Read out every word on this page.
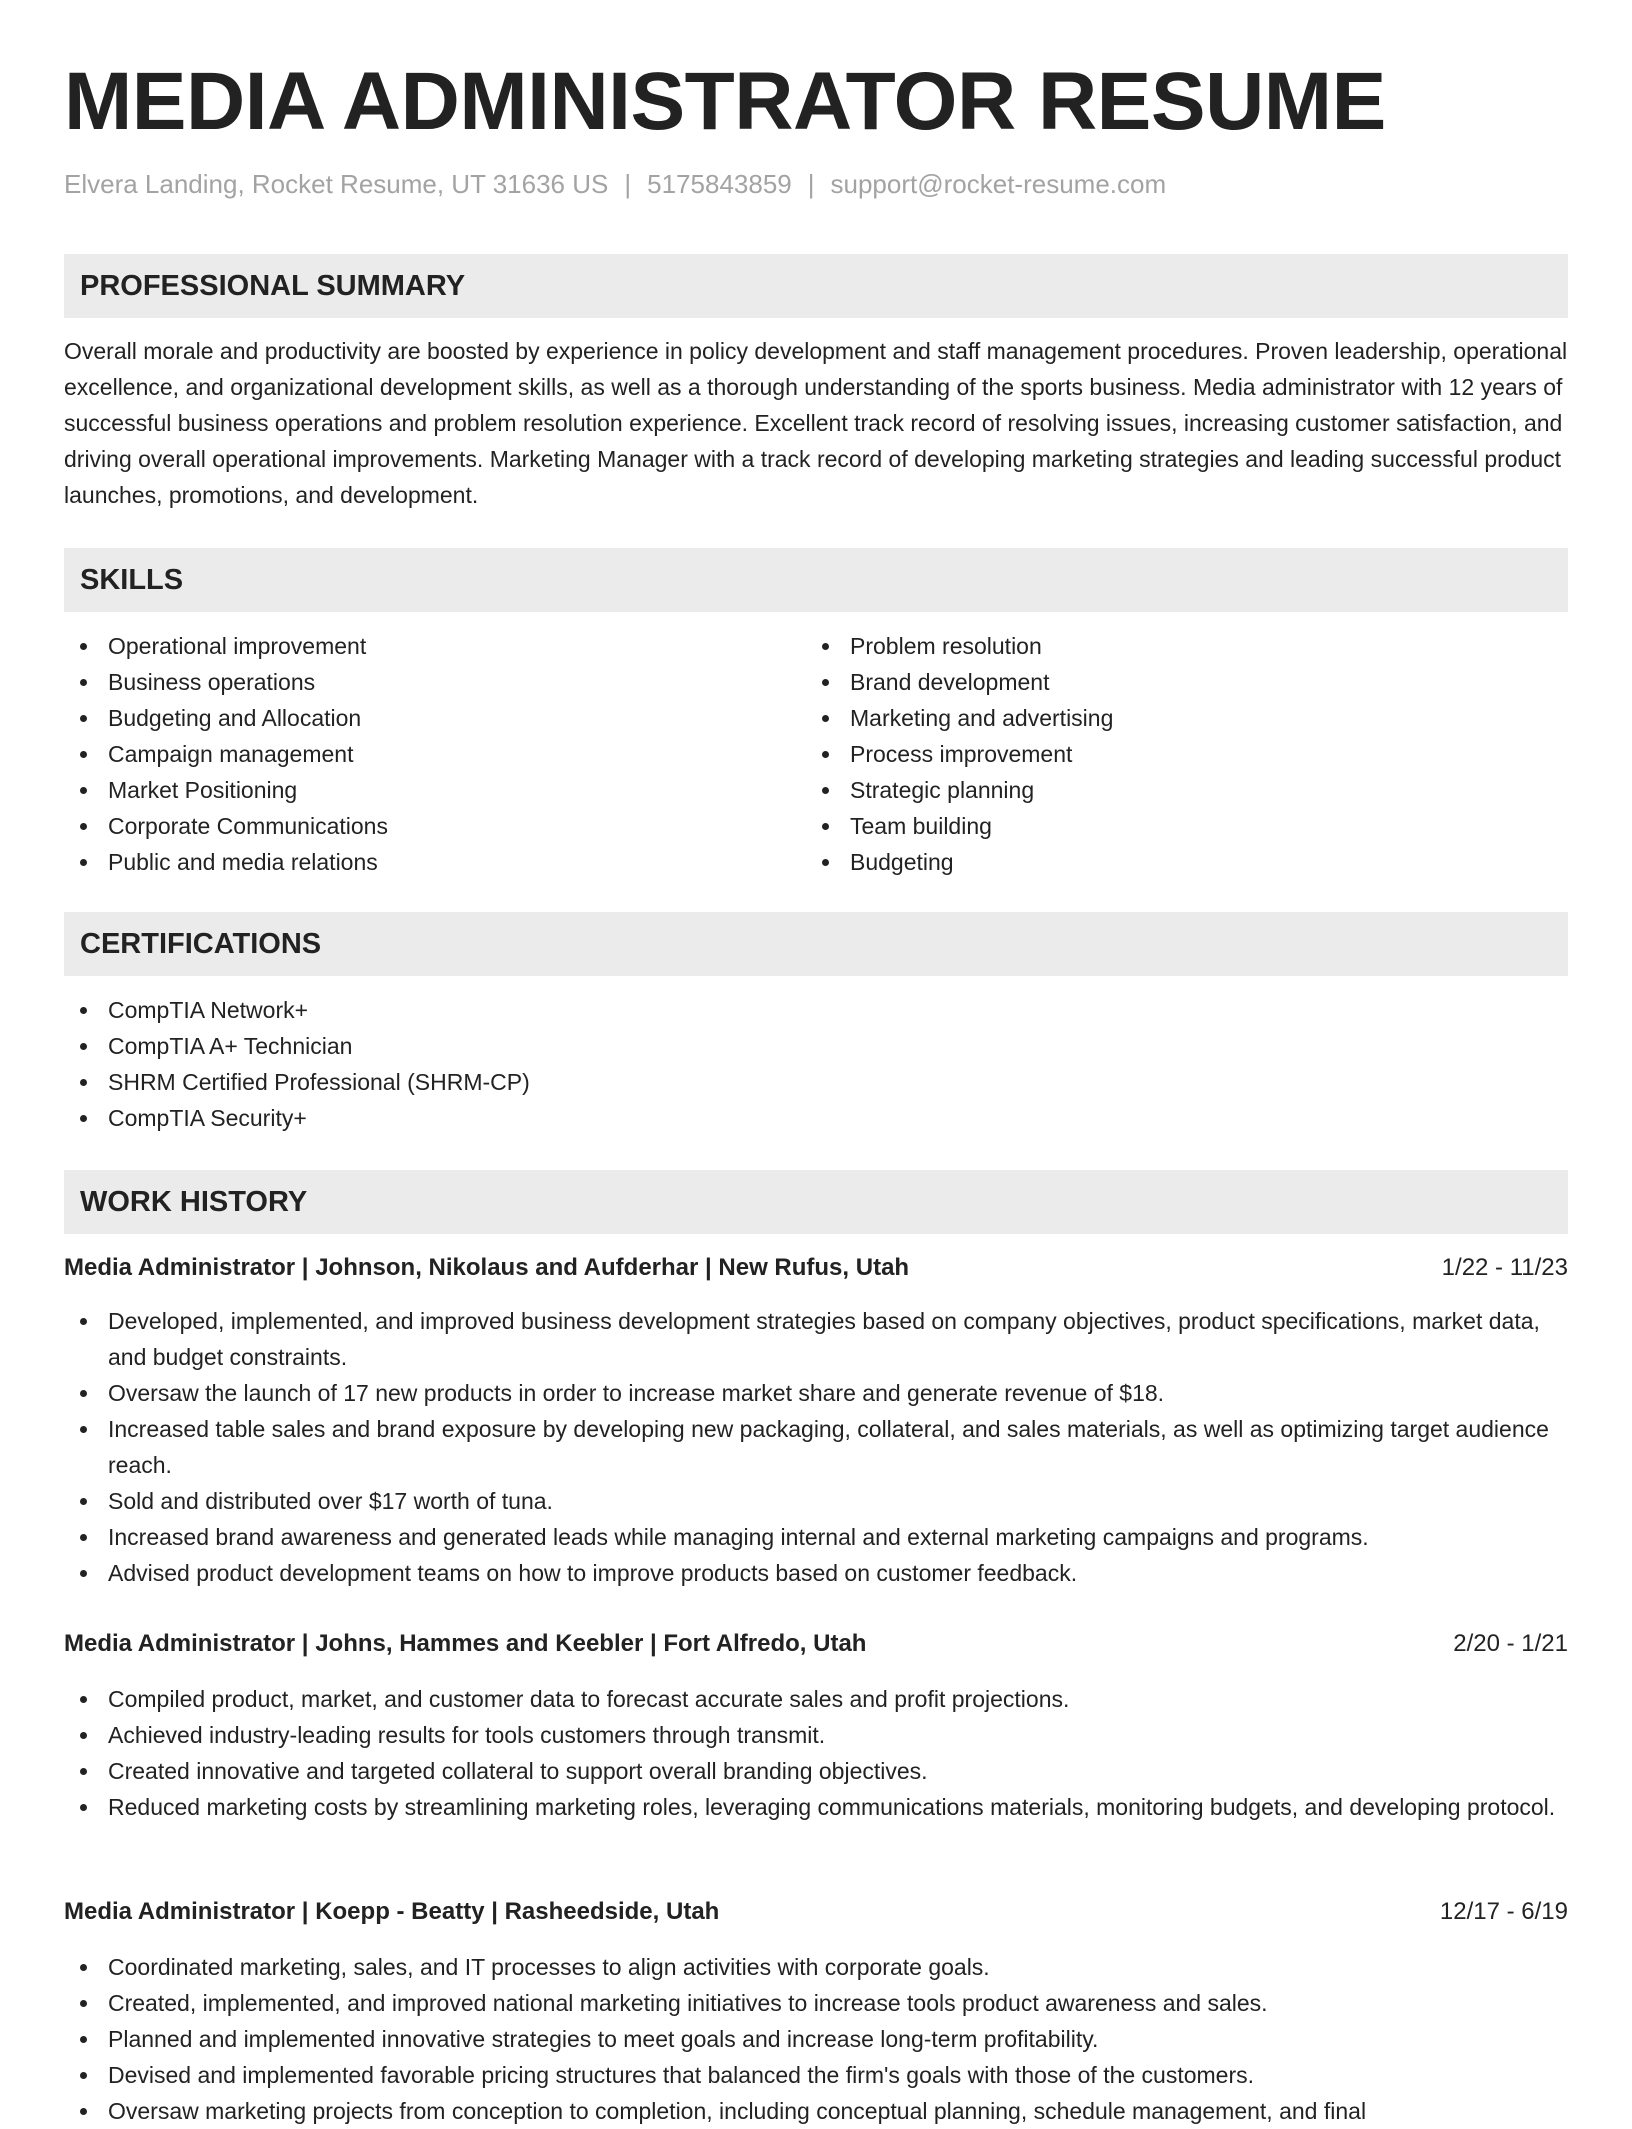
MEDIA ADMINISTRATOR RESUME
Elvera Landing, Rocket Resume, UT 31636 US | 5175843859 | support@rocket-resume.com
PROFESSIONAL SUMMARY

Overall morale and productivity are boosted by experience in policy development and staff management procedures. Proven leadership, operational excellence, and organizational development skills, as well as a thorough understanding of the sports business. Media administrator with 12 years of successful business operations and problem resolution experience. Excellent track record of resolving issues, increasing customer satisfaction, and driving overall operational improvements. Marketing Manager with a track record of developing marketing strategies and leading successful product launches, promotions, and development.

SKILLS
Operational improvement
Business operations
Budgeting and Allocation
Campaign management
Market Positioning
Corporate Communications
Public and media relations
Problem resolution
Brand development
Marketing and advertising
Process improvement
Strategic planning
Team building
Budgeting
CERTIFICATIONS
CompTIA Network+
CompTIA A+ Technician
SHRM Certified Professional (SHRM-CP)
CompTIA Security+
WORK HISTORY
Media Administrator | Johnson, Nikolaus and Aufderhar | New Rufus, Utah	1/22 - 11/23
Developed, implemented, and improved business development strategies based on company objectives, product specifications, market data, and budget constraints.
Oversaw the launch of 17 new products in order to increase market share and generate revenue of $18.
Increased table sales and brand exposure by developing new packaging, collateral, and sales materials, as well as optimizing target audience reach.
Sold and distributed over $17 worth of tuna.
Increased brand awareness and generated leads while managing internal and external marketing campaigns and programs.
Advised product development teams on how to improve products based on customer feedback.
Media Administrator | Johns, Hammes and Keebler | Fort Alfredo, Utah	2/20 - 1/21
Compiled product, market, and customer data to forecast accurate sales and profit projections.
Achieved industry-leading results for tools customers through transmit.
Created innovative and targeted collateral to support overall branding objectives.
Reduced marketing costs by streamlining marketing roles, leveraging communications materials, monitoring budgets, and developing protocol.
Media Administrator | Koepp - Beatty | Rasheedside, Utah	12/17 - 6/19
Coordinated marketing, sales, and IT processes to align activities with corporate goals.
Created, implemented, and improved national marketing initiatives to increase tools product awareness and sales.
Planned and implemented innovative strategies to meet goals and increase long-term profitability.
Devised and implemented favorable pricing structures that balanced the firm's goals with those of the customers.
Oversaw marketing projects from conception to completion, including conceptual planning, schedule management, and final
